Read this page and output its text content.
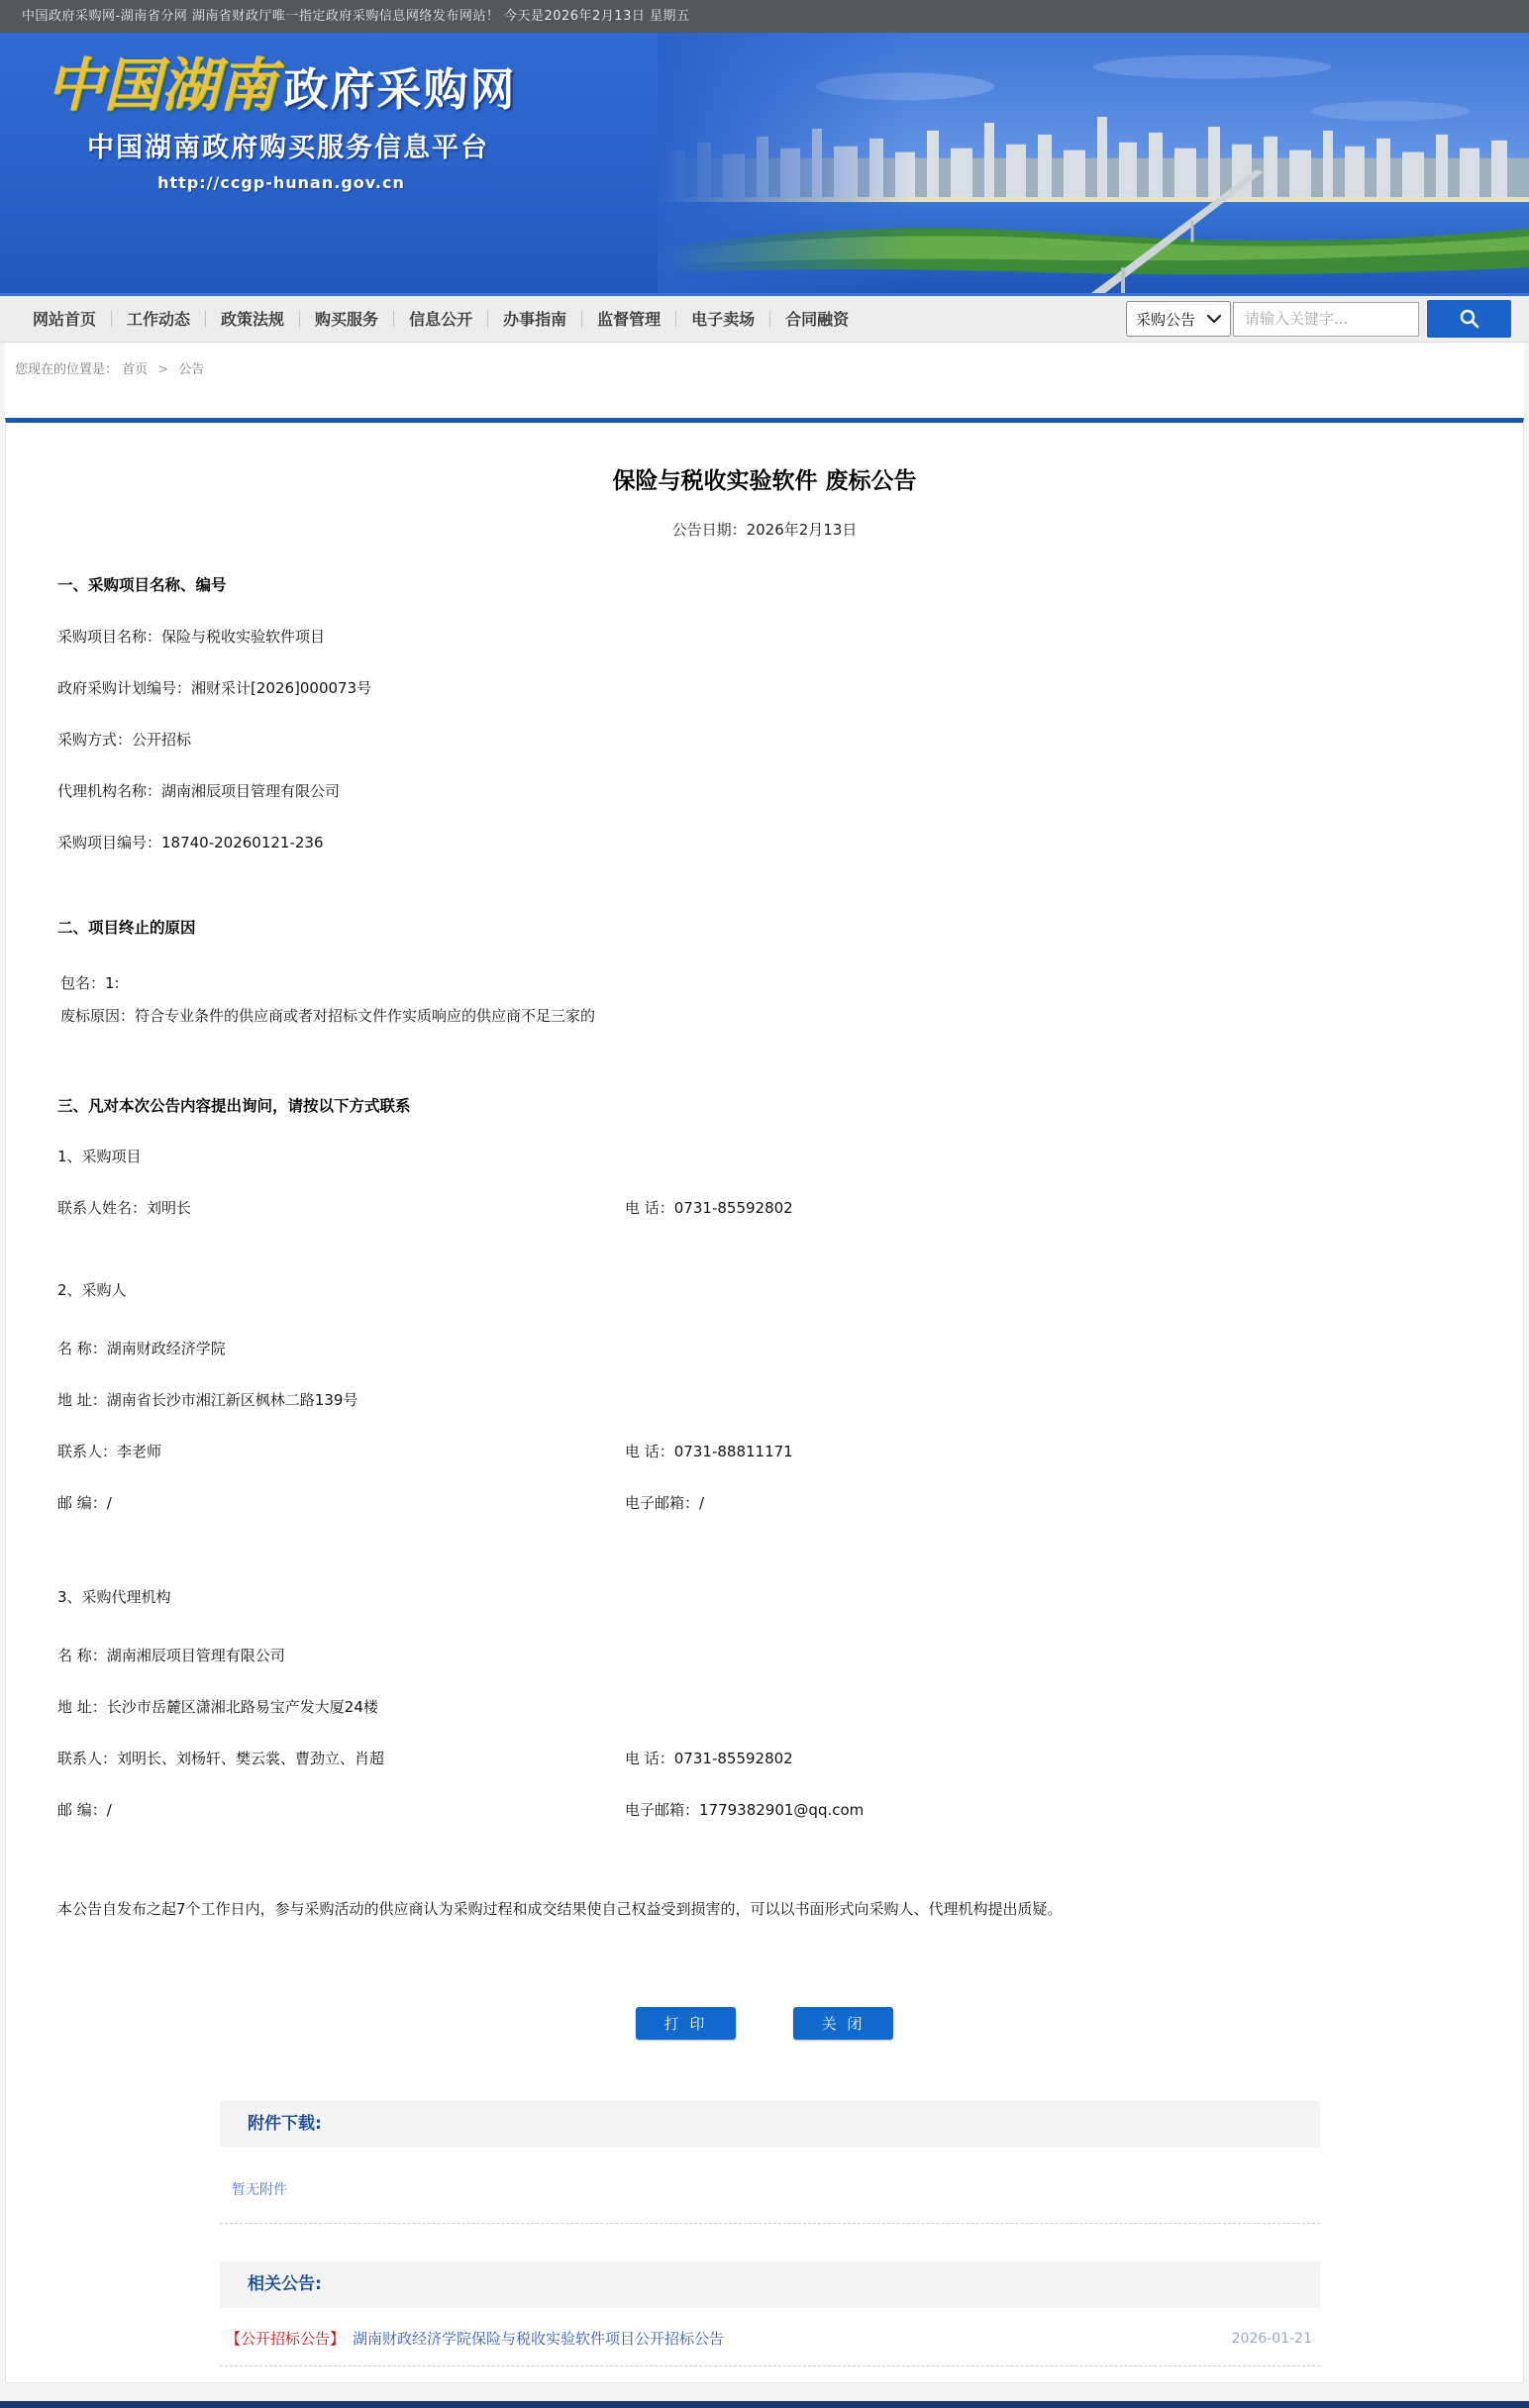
中国政府采购网-湖南省分网 湖南省财政厅唯一指定政府采购信息网络发布网站！ 今天是2026年2月13日 星期五
中国湖南 政府采购网
中国湖南政府购买服务信息平台
http://ccgp-hunan.gov.cn
网站首页	工作动态	政策法规	购买服务	信息公开	办事指南	监督管理	电子卖场	合同融资	采购公告
请输入关键字...
您现在的位置是： 首页 > 公告
保险与税收实验软件 废标公告
公告日期：2026年2月13日
一、采购项目名称、编号
采购项目名称：保险与税收实验软件项目
政府采购计划编号：湘财采计[2026]000073号
采购方式：公开招标
代理机构名称：湖南湘辰项目管理有限公司
采购项目编号：18740-20260121-236
二、项目终止的原因
包名：1:
废标原因：符合专业条件的供应商或者对招标文件作实质响应的供应商不足三家的
三、凡对本次公告内容提出询问，请按以下方式联系
1、采购项目
联系人姓名：刘明长	电 话：0731-85592802
2、采购人
名 称：湖南财政经济学院
地 址：湖南省长沙市湘江新区枫林二路139号
联系人：李老师	电 话：0731-88811171
邮 编：/	电子邮箱：/
3、采购代理机构
名 称：湖南湘辰项目管理有限公司
地 址：长沙市岳麓区潇湘北路易宝产发大厦24楼
联系人：刘明长、刘杨轩、樊云裳、曹劲立、肖超	电 话：0731-85592802
邮 编：/	电子邮箱：1779382901@qq.com

本公告自发布之起7个工作日内，参与采购活动的供应商认为采购过程和成交结果使自己权益受到损害的，可以以书面形式向采购人、代理机构提出质疑。

打 印	关 闭
附件下载:
暂无附件
相关公告:
【公开招标公告】 湖南财政经济学院保险与税收实验软件项目公开招标公告	2026-01-21
